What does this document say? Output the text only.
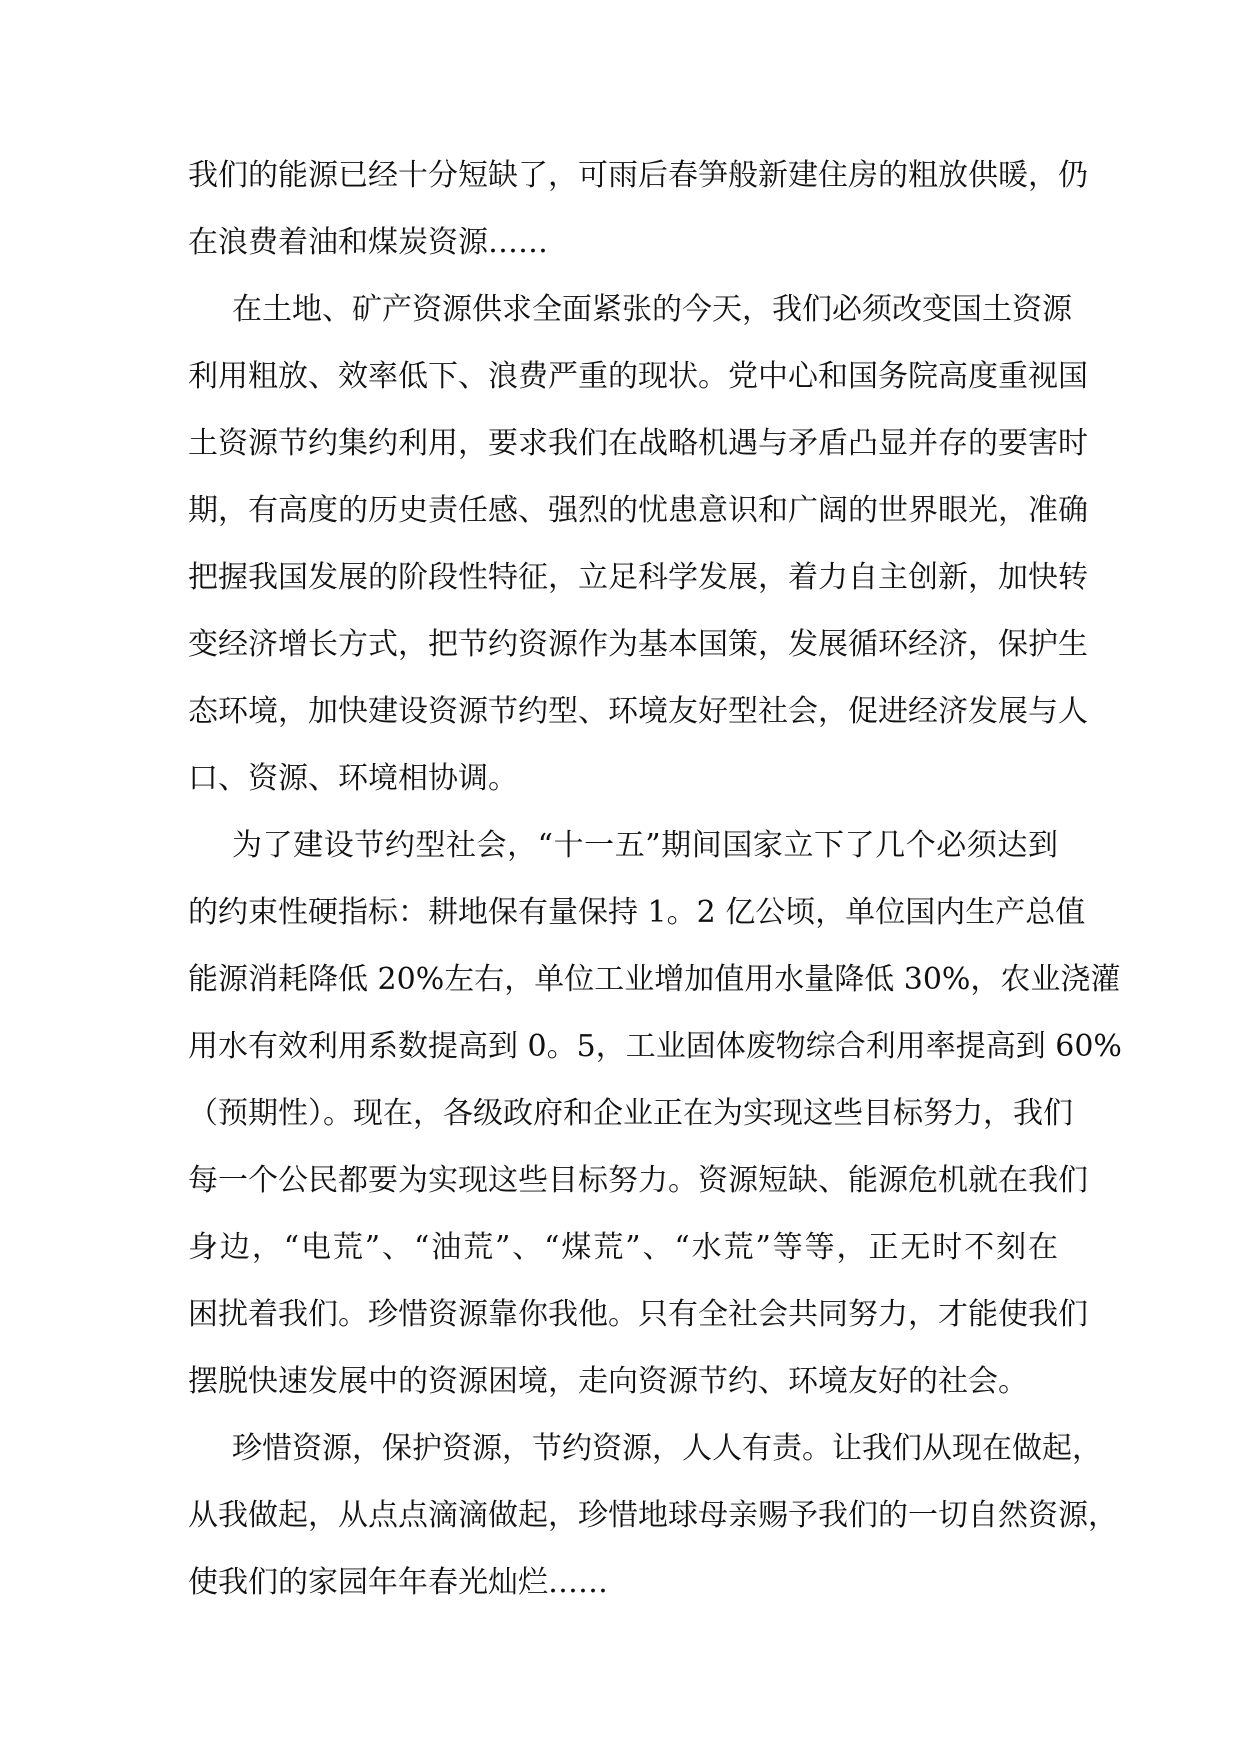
我们的能源已经十分短缺了，可雨后春笋般新建住房的粗放供暖，仍
在浪费着油和煤炭资源……
在土地、矿产资源供求全面紧张的今天，我们必须改变国土资源
利用粗放、效率低下、浪费严重的现状。党中心和国务院高度重视国
土资源节约集约利用，要求我们在战略机遇与矛盾凸显并存的要害时
期，有高度的历史责任感、强烈的忧患意识和广阔的世界眼光，准确
把握我国发展的阶段性特征，立足科学发展，着力自主创新，加快转
变经济增长方式，把节约资源作为基本国策，发展循环经济，保护生
态环境，加快建设资源节约型、环境友好型社会，促进经济发展与人
口、资源、环境相协调。
为了建设节约型社会，“十一五”期间国家立下了几个必须达到
的约束性硬指标：耕地保有量保持 1。2 亿公顷，单位国内生产总值
能源消耗降低 20%左右，单位工业增加值用水量降低 30%，农业浇灌
用水有效利用系数提高到 0。5，工业固体废物综合利用率提高到 60%
（预期性）。现在，各级政府和企业正在为实现这些目标努力，我们
每一个公民都要为实现这些目标努力。资源短缺、能源危机就在我们
身边，“电荒”、“油荒”、“煤荒”、“水荒”等等，正无时不刻在
困扰着我们。珍惜资源靠你我他。只有全社会共同努力，才能使我们
摆脱快速发展中的资源困境，走向资源节约、环境友好的社会。
珍惜资源，保护资源，节约资源，人人有责。让我们从现在做起，
从我做起，从点点滴滴做起，珍惜地球母亲赐予我们的一切自然资源，
使我们的家园年年春光灿烂……
